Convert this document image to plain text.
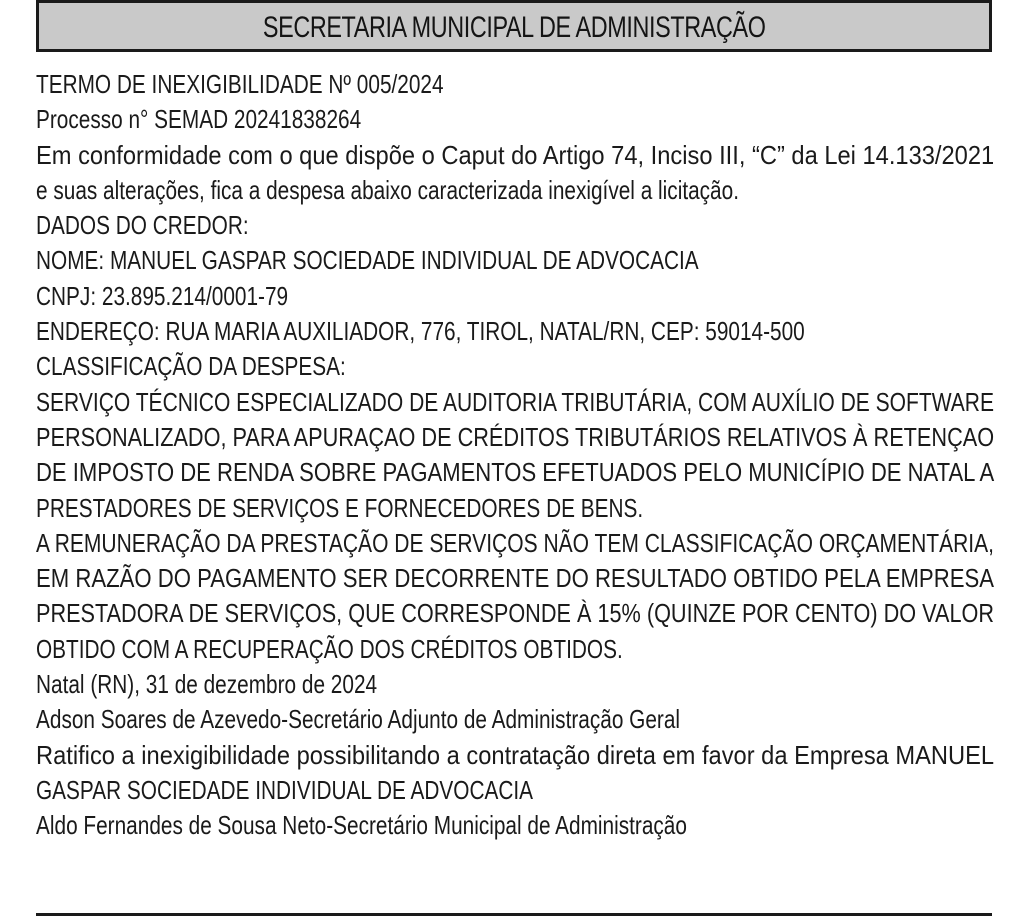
SECRETARIA MUNICIPAL DE ADMINISTRAÇÃO
TERMO DE INEXIGIBILIDADE Nº 005/2024
Processo n° SEMAD 20241838264
Em conformidade com o que dispõe o Caput do Artigo 74, Inciso III, “C” da Lei 14.133/2021
e suas alterações, fica a despesa abaixo caracterizada inexigível a licitação.
DADOS DO CREDOR:
NOME: MANUEL GASPAR SOCIEDADE INDIVIDUAL DE ADVOCACIA
CNPJ: 23.895.214/0001-79
ENDEREÇO: RUA MARIA AUXILIADOR, 776, TIROL, NATAL/RN, CEP: 59014-500
CLASSIFICAÇÃO DA DESPESA:
SERVIÇO TÉCNICO ESPECIALIZADO DE AUDITORIA TRIBUTÁRIA, COM AUXÍLIO DE SOFTWARE
PERSONALIZADO, PARA APURAÇAO DE CRÉDITOS TRIBUTÁRIOS RELATIVOS À RETENÇAO
DE IMPOSTO DE RENDA SOBRE PAGAMENTOS EFETUADOS PELO MUNICÍPIO DE NATAL A
PRESTADORES DE SERVIÇOS E FORNECEDORES DE BENS.
A REMUNERAÇÃO DA PRESTAÇÃO DE SERVIÇOS NÃO TEM CLASSIFICAÇÃO ORÇAMENTÁRIA,
EM RAZÃO DO PAGAMENTO SER DECORRENTE DO RESULTADO OBTIDO PELA EMPRESA
PRESTADORA DE SERVIÇOS, QUE CORRESPONDE À 15% (QUINZE POR CENTO) DO VALOR
OBTIDO COM A RECUPERAÇÃO DOS CRÉDITOS OBTIDOS.
Natal (RN), 31 de dezembro de 2024
Adson Soares de Azevedo-Secretário Adjunto de Administração Geral
Ratifico a inexigibilidade possibilitando a contratação direta em favor da Empresa MANUEL
GASPAR SOCIEDADE INDIVIDUAL DE ADVOCACIA
Aldo Fernandes de Sousa Neto-Secretário Municipal de Administração
